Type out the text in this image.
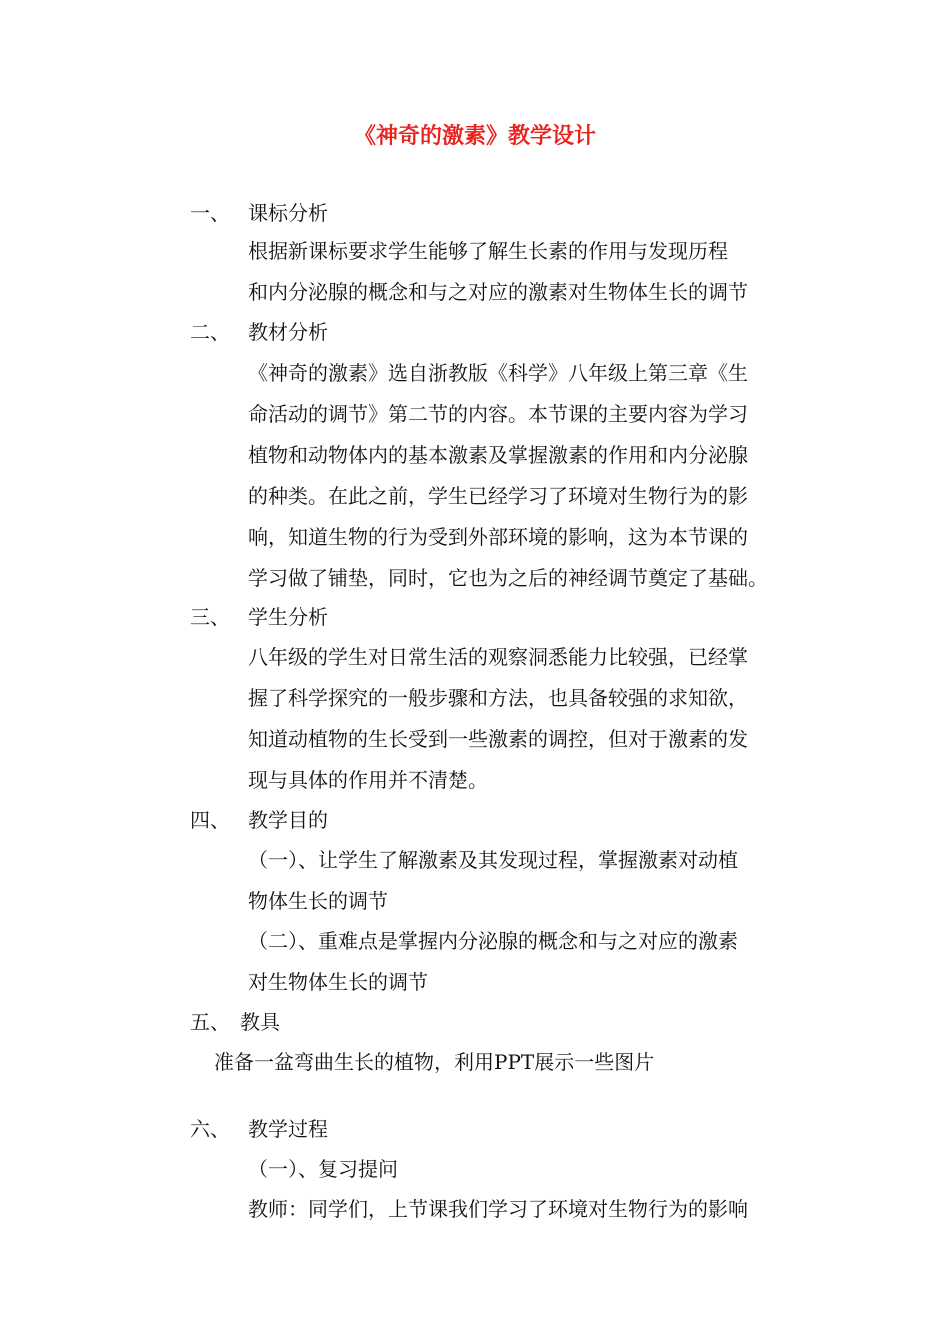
《神奇的激素》教学设计
一、 课标分析

根据新课标要求学生能够了解生长素的作用与发现历程

和内分泌腺的概念和与之对应的激素对生物体生长的调节

二、 教材分析

《神奇的激素》选自浙教版《科学》八年级上第三章《生

命活动的调节》第二节的内容。本节课的主要内容为学习

植物和动物体内的基本激素及掌握激素的作用和内分泌腺

的种类。在此之前，学生已经学习了环境对生物行为的影

响，知道生物的行为受到外部环境的影响，这为本节课的

学习做了铺垫，同时，它也为之后的神经调节奠定了基础。

三、 学生分析

八年级的学生对日常生活的观察洞悉能力比较强，已经掌

握了科学探究的一般步骤和方法，也具备较强的求知欲，

知道动植物的生长受到一些激素的调控，但对于激素的发

现与具体的作用并不清楚。

四、 教学目的

（一）、让学生了解激素及其发现过程，掌握激素对动植

物体生长的调节

（二）、重难点是掌握内分泌腺的概念和与之对应的激素

对生物体生长的调节

五、 教具

准备一盆弯曲生长的植物，利用PPT展示一些图片

六、 教学过程

（一）、复习提问

教师：同学们，上节课我们学习了环境对生物行为的影响
